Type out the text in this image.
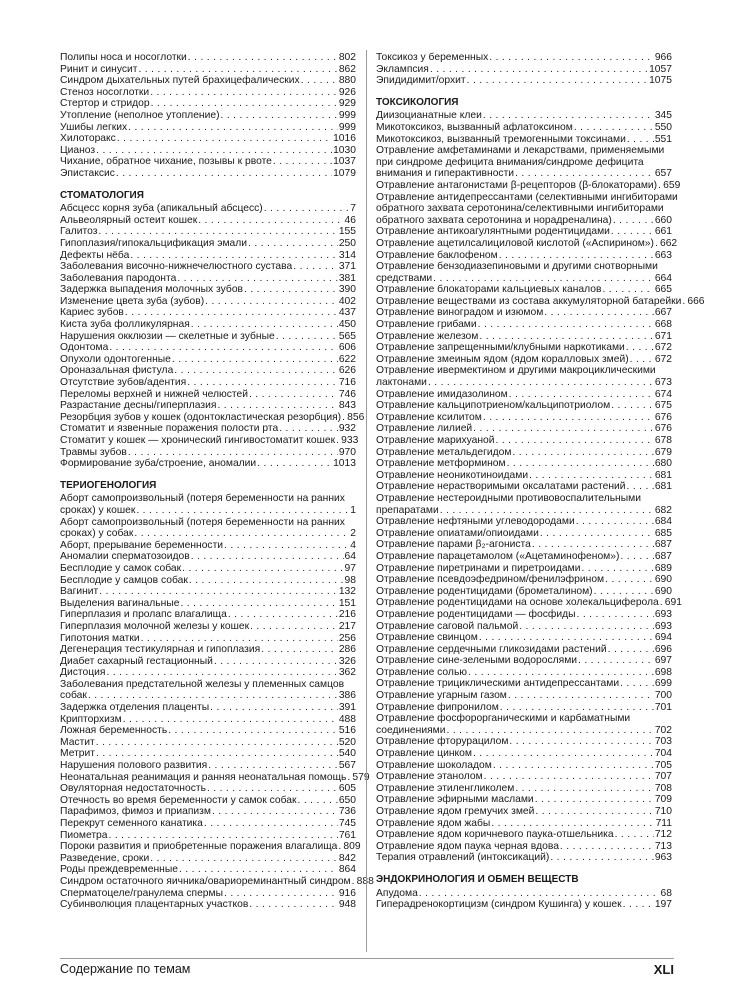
Полипы носа и носоглотки . . .	802
Ринит и синусит . . .	862
Синдром дыхательных путей брахицефалических . . .	880
Стеноз носоглотки . . .	926
Стертор и стридор . . .	929
Утопление (неполное утопление) . . .	999
Ушибы легких . . .	999
Хилоторакс . . .	1016
Цианоз . . .	1030
Чихание, обратное чихание, позывы к рвоте . . .	1037
Эпистаксис . . .	1079
СТОМАТОЛОГИЯ
Абсцесс корня зуба (апикальный абсцесс) . . .	7
Альвеолярный остеит кошек . . .	46
Галитоз . . .	155
Гипоплазия/гипокальцификация эмали . . .	250
Дефекты нёба . . .	314
Заболевания височно-нижнечелюстного сустава . . .	371
Заболевания пародонта . . .	381
Задержка выпадения молочных зубов . . .	390
Изменение цвета зуба (зубов) . . .	402
Кариес зубов . . .	437
Киста зуба фолликулярная . . .	450
Нарушения окклюзии — скелетные и зубные . . .	565
Одонтома . . .	606
Опухоли одонтогенные . . .	622
Ороназальная фистула . . .	626
Отсутствие зубов/адентия . . .	716
Переломы верхней и нижней челюстей . . .	746
Разрастание десны/гиперплазия . . .	843
Резорбция зубов у кошек (одонтокластическая резорбция) . . . 856
Стоматит и язвенные поражения полости рта . . .	932
Стоматит у кошек — хронический гингивостоматит кошек . . . 933
Травмы зубов . . .	970
Формирование зуба/строение, аномалии . . .	1013
ТЕРИОГЕНОЛОГИЯ
Аборт самопроизвольный (потеря беременности на ранних
сроках) у кошек . . .	1
Аборт самопроизвольный (потеря беременности на ранних
сроках) у собак . . .	2
Аборт, прерывание беременности . . .	4
Аномалии сперматозоидов . . .	64
Бесплодие у самок собак . . .	97
Бесплодие у самцов собак . . .	98
Вагинит . . .	132
Выделения вагинальные . . .	151
Гиперплазия и пролапс влагалища . . .	216
Гиперплазия молочной железы у кошек . . .	217
Гипотония матки . . .	256
Дегенерация тестикулярная и гипоплазия . . .	286
Диабет сахарный гестационный . . .	326
Дистоция . . .	362
Заболевания предстательной железы у племенных самцов
собак . . .	386
Задержка отделения плаценты . . .	391
Крипторхизм . . .	488
Ложная беременность . . .	516
Мастит . . .	520
Метрит . . .	540
Нарушения полового развития . . .	567
Неонатальная реанимация и ранняя неонатальная помощь . . . 579
Овуляторная недостаточность . . .	605
Отечность во время беременности у самок собак . . .	650
Парафимоз, фимоз и приапизм . . .	736
Перекрут семенного канатика . . .	745
Пиометра . . .	761
Пороки развития и приобретенные поражения влагалища . . . 809
Разведение, сроки . . .	842
Роды преждевременные . . .	864
Синдром остаточного яичника/овариореминантный синдром . . . 888
Сперматоцеле/гранулема спермы . . .	916
Субинволюция плацентарных участков . . .	948
Токсикоз у беременных . . .	966
Эклампсия . . .	1057
Эпидидимит/орхит . . .	1075
ТОКСИКОЛОГИЯ
Диизоцианатные клеи . . .	345
Микотоксикоз, вызванный афлатоксином . . .	550
Микотоксикоз, вызванный тремогенными токсинами . . .	551
Отравление амфетаминами и лекарствами, применяемыми
при синдроме дефицита внимания/синдроме дефицита
внимания и гиперактивности . . .	657
Отравление антагонистами β-рецепторов (β-блокаторами) . . . 659
Отравление антидепрессантами (селективными ингибиторами
обратного захвата серотонина/селективными ингибиторами
обратного захвата серотонина и норадреналина) . . .	660
Отравление антикоагулянтными родентицидами . . .	661
Отравление ацетилсалициловой кислотой («Аспирином») . . . 662
Отравление баклофеном . . .	663
Отравление бензодиазепиновыми и другими снотворными
средствами . . .	664
Отравление блокаторами кальциевых каналов . . .	665
Отравление веществами из состава аккумуляторной батарейки . . . 666
Отравление виноградом и изюмом . . .	667
Отравление грибами . . .	668
Отравление железом . . .	671
Отравление запрещенными/клубными наркотиками . . .	672
Отравление змеиным ядом (ядом коралловых змей) . . .	672
Отравление ивермектином и другими макроциклическими
лактонами . . .	673
Отравление имидазолином . . .	674
Отравление кальципотриеном/кальципотриолом . . .	675
Отравление ксилитом . . .	676
Отравление лилией . . .	676
Отравление марихуаной . . .	678
Отравление метальдегидом . . .	679
Отравление метформином . . .	680
Отравление неоникотиноидами . . .	681
Отравление нерастворимыми оксалатами растений . . .	681
Отравление нестероидными противовоспалительными
препаратами . . .	682
Отравление нефтяными углеводородами . . .	684
Отравление опиатами/опиоидами . . .	685
Отравление парами β₂-агониста . . .	687
Отравление парацетамолом («Ацетаминофеном») . . .	687
Отравление пиретринами и пиретроидами . . .	689
Отравление псевдоэфедрином/фенилэфрином . . .	690
Отравление родентицидами (брометалином) . . .	690
Отравление родентицидами на основе холекальциферола . . . 691
Отравление родентицидами — фосфиды . . .	693
Отравление саговой пальмой . . .	693
Отравление свинцом . . .	694
Отравление сердечными гликозидами растений . . .	696
Отравление сине-зелеными водорослями . . .	697
Отравление солью . . .	698
Отравление трициклическими антидепрессантами . . .	699
Отравление угарным газом . . .	700
Отравление фипронилом . . .	701
Отравление фосфорорганическими и карбаматными
соединениями . . .	702
Отравление фторурацилом . . .	703
Отравление цинком . . .	704
Отравление шоколадом . . .	705
Отравление этанолом . . .	707
Отравление этиленгликолем . . .	708
Отравление эфирными маслами . . .	709
Отравление ядом гремучих змей . . .	710
Отравление ядом жабы . . .	711
Отравление ядом коричневого паука-отшельника . . .	712
Отравление ядом паука черная вдова . . .	713
Терапия отравлений (интоксикаций) . . .	963
ЭНДОКРИНОЛОГИЯ И ОБМЕН ВЕЩЕСТВ
Апудома . . .	68
Гиперадренокортицизм (синдром Кушинга) у кошек . . .	197
Содержание по темам	XLI
